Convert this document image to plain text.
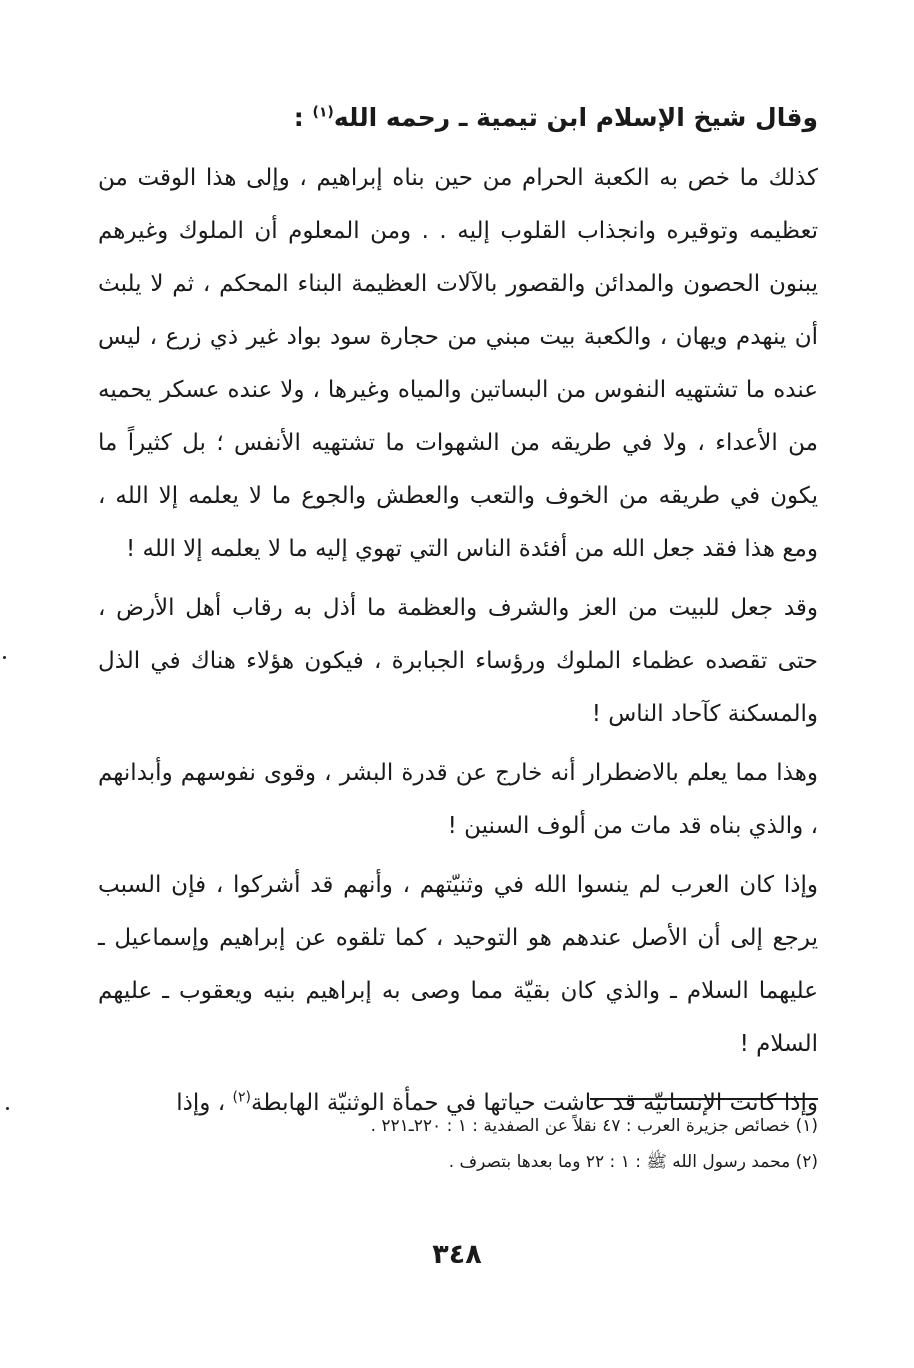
وقال شيخ الإسلام ابن تيمية ـ رحمه الله$^{(١)}$ :

كذلك ما خص به الكعبة الحرام من حين بناه إبراهيم ، وإلى هذا الوقت من تعظيمه وتوقيره وانجذاب القلوب إليه . . ومن المعلوم أن الملوك وغيرهم يبنون الحصون والمدائن والقصور بالآلات العظيمة البناء المحكم ، ثم لا يلبث أن ينهدم ويهان ، والكعبة بيت مبني من حجارة سود بواد غير ذي زرع ، ليس عنده ما تشتهيه النفوس من البساتين والمياه وغيرها ، ولا عنده عسكر يحميه من الأعداء ، ولا في طريقه من الشهوات ما تشتهيه الأنفس ؛ بل كثيراً ما يكون في طريقه من الخوف والتعب والعطش والجوع ما لا يعلمه إلا الله ، ومع هذا فقد جعل الله من أفئدة الناس التي تهوي إليه ما لا يعلمه إلا الله !

وقد جعل للبيت من العز والشرف والعظمة ما أذل به رقاب أهل الأرض ، حتى تقصده عظماء الملوك ورؤساء الجبابرة ، فيكون هؤلاء هناك في الذل والمسكنة كآحاد الناس !

وهذا مما يعلم بالاضطرار أنه خارج عن قدرة البشر ، وقوى نفوسهم وأبدانهم ، والذي بناه قد مات من ألوف السنين !

وإذا كان العرب لم ينسوا الله في وثنيّتهم ، وأنهم قد أشركوا ، فإن السبب يرجع إلى أن الأصل عندهم هو التوحيد ، كما تلقوه عن إبراهيم وإسماعيل ـ عليهما السلام ـ والذي كان بقيّة مما وصى به إبراهيم بنيه ويعقوب ـ عليهم السلام !

وإذا كانت الإنسانيّة قد عاشت حياتها في حمأة الوثنيّة الهابطة$^{(٢)}$ ، وإذا

(١) خصائص جزيرة العرب : ٤٧ نقلاً عن الصفدية : ١ : ٢٢٠ـ٢٢١ .
(٢) محمد رسول الله ﷺ : ١ : ٢٢ وما بعدها بتصرف .
٣٤٨
